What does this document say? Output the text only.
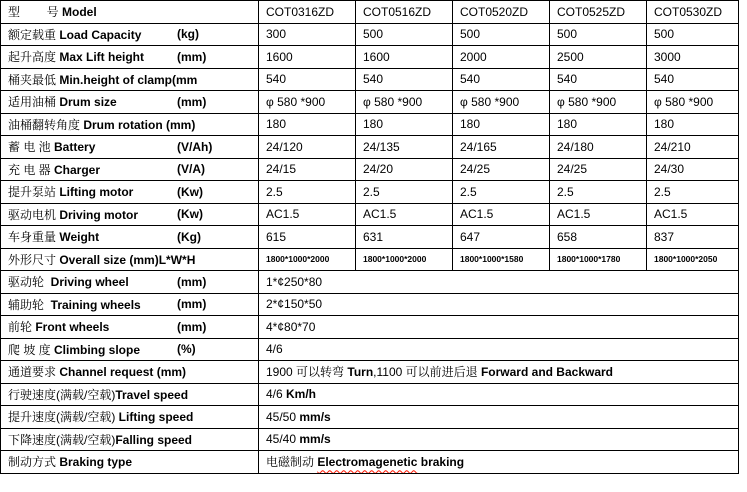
型        号 Model	COT0316ZD	COT0516ZD	COT0520ZD	COT0525ZD	COT0530ZD
额定载重 Load Capacity (kg)	300	500	500	500	500
起升高度 Max Lift height (mm)	1600	1600	2000	2500	3000
桶夹最低 Min.height of clamp(mm	540	540	540	540	540
适用油桶 Drum size (mm)	φ 580 *900	φ 580 *900	φ 580 *900	φ 580 *900	φ 580 *900
油桶翻转角度 Drum rotation (mm)	180	180	180	180	180
蓄 电 池 Battery (V/Ah)	24/120	24/135	24/165	24/180	24/210
充 电 器 Charger (V/A)	24/15	24/20	24/25	24/25	24/30
提升泵站 Lifting motor (Kw)	2.5	2.5	2.5	2.5	2.5
驱动电机 Driving motor (Kw)	AC1.5	AC1.5	AC1.5	AC1.5	AC1.5
车身重量 Weight (Kg)	615	631	647	658	837
外形尺寸 Overall size (mm)L*W*H	1800*1000*2000	1800*1000*2000	1800*1000*1580	1800*1000*1780	1800*1000*2050
驱动轮  Driving wheel (mm)	1*¢250*80				
辅助轮  Training wheels (mm)	2*¢150*50				
前轮 Front wheels (mm)	4*¢80*70				
爬 坡 度 Climbing slope (%)	4/6				
通道要求 Channel request (mm)	1900 可以转弯 Turn,1100 可以前进后退 Forward and Backward				
行驶速度(满载/空载)Travel speed	4/6 Km/h				
提升速度(满载/空载) Lifting speed	45/50 mm/s				
下降速度(满载/空载)Falling speed	45/40 mm/s				
制动方式 Braking type	电磁制动 Electromagenetic braking				
